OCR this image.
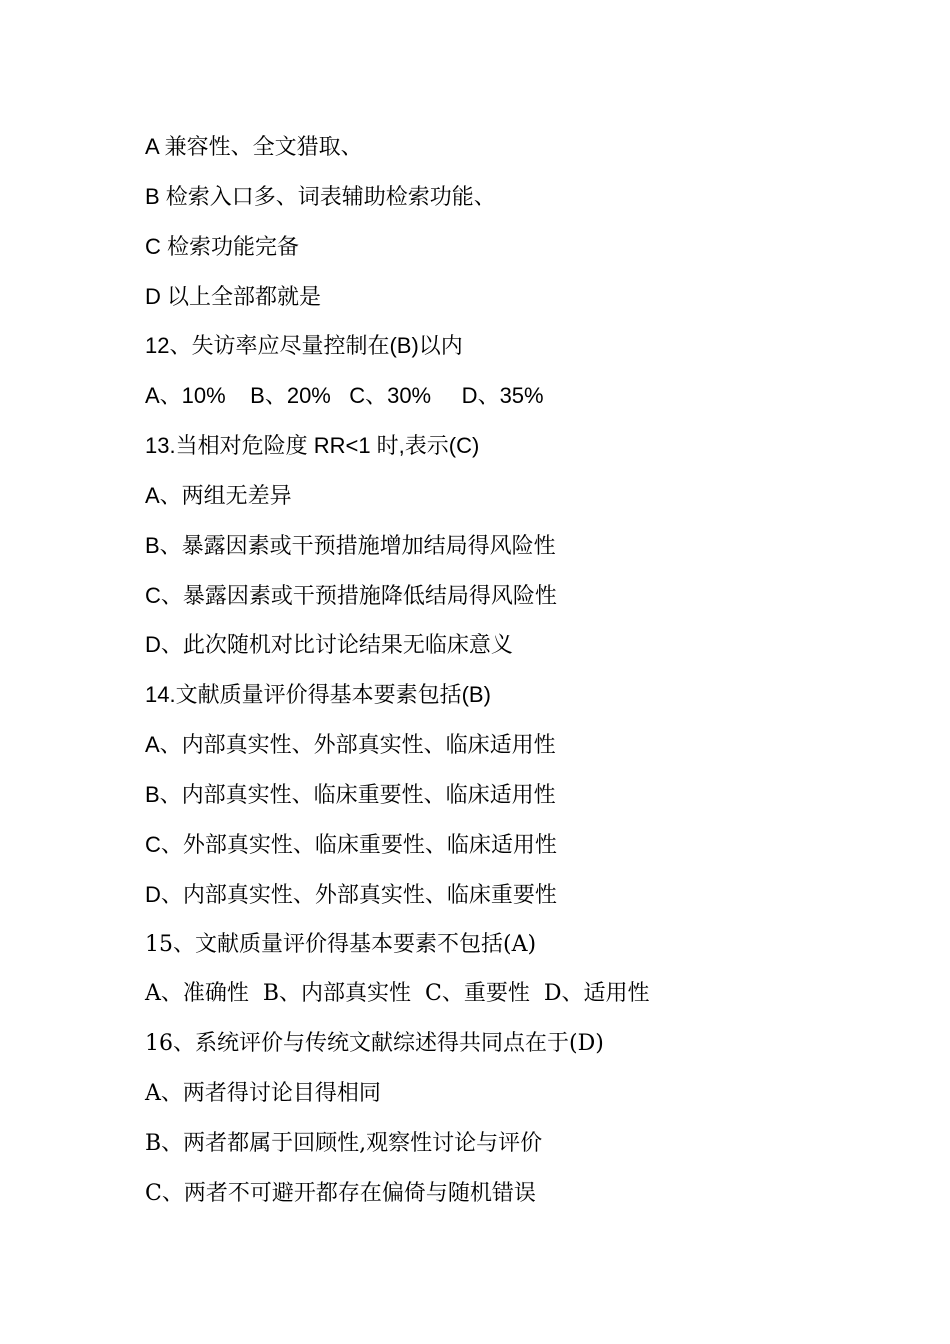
A 兼容性、全文猎取、
B 检索入口多、词表辅助检索功能、
C 检索功能完备
D 以上全部都就是
12、失访率应尽量控制在(B)以内
A、10%    B、20%   C、30%     D、35%
13.当相对危险度 RR<1 时,表示(C)
A、两组无差异
B、暴露因素或干预措施增加结局得风险性
C、暴露因素或干预措施降低结局得风险性
D、此次随机对比讨论结果无临床意义
14.文献质量评价得基本要素包括(B)
A、内部真实性、外部真实性、临床适用性
B、内部真实性、临床重要性、临床适用性
C、外部真实性、临床重要性、临床适用性
D、内部真实性、外部真实性、临床重要性
15、文献质量评价得基本要素不包括(A)
A、准确性  B、内部真实性  C、重要性  D、适用性
16、系统评价与传统文献综述得共同点在于(D)
A、两者得讨论目得相同
B、两者都属于回顾性,观察性讨论与评价
C、两者不可避开都存在偏倚与随机错误
